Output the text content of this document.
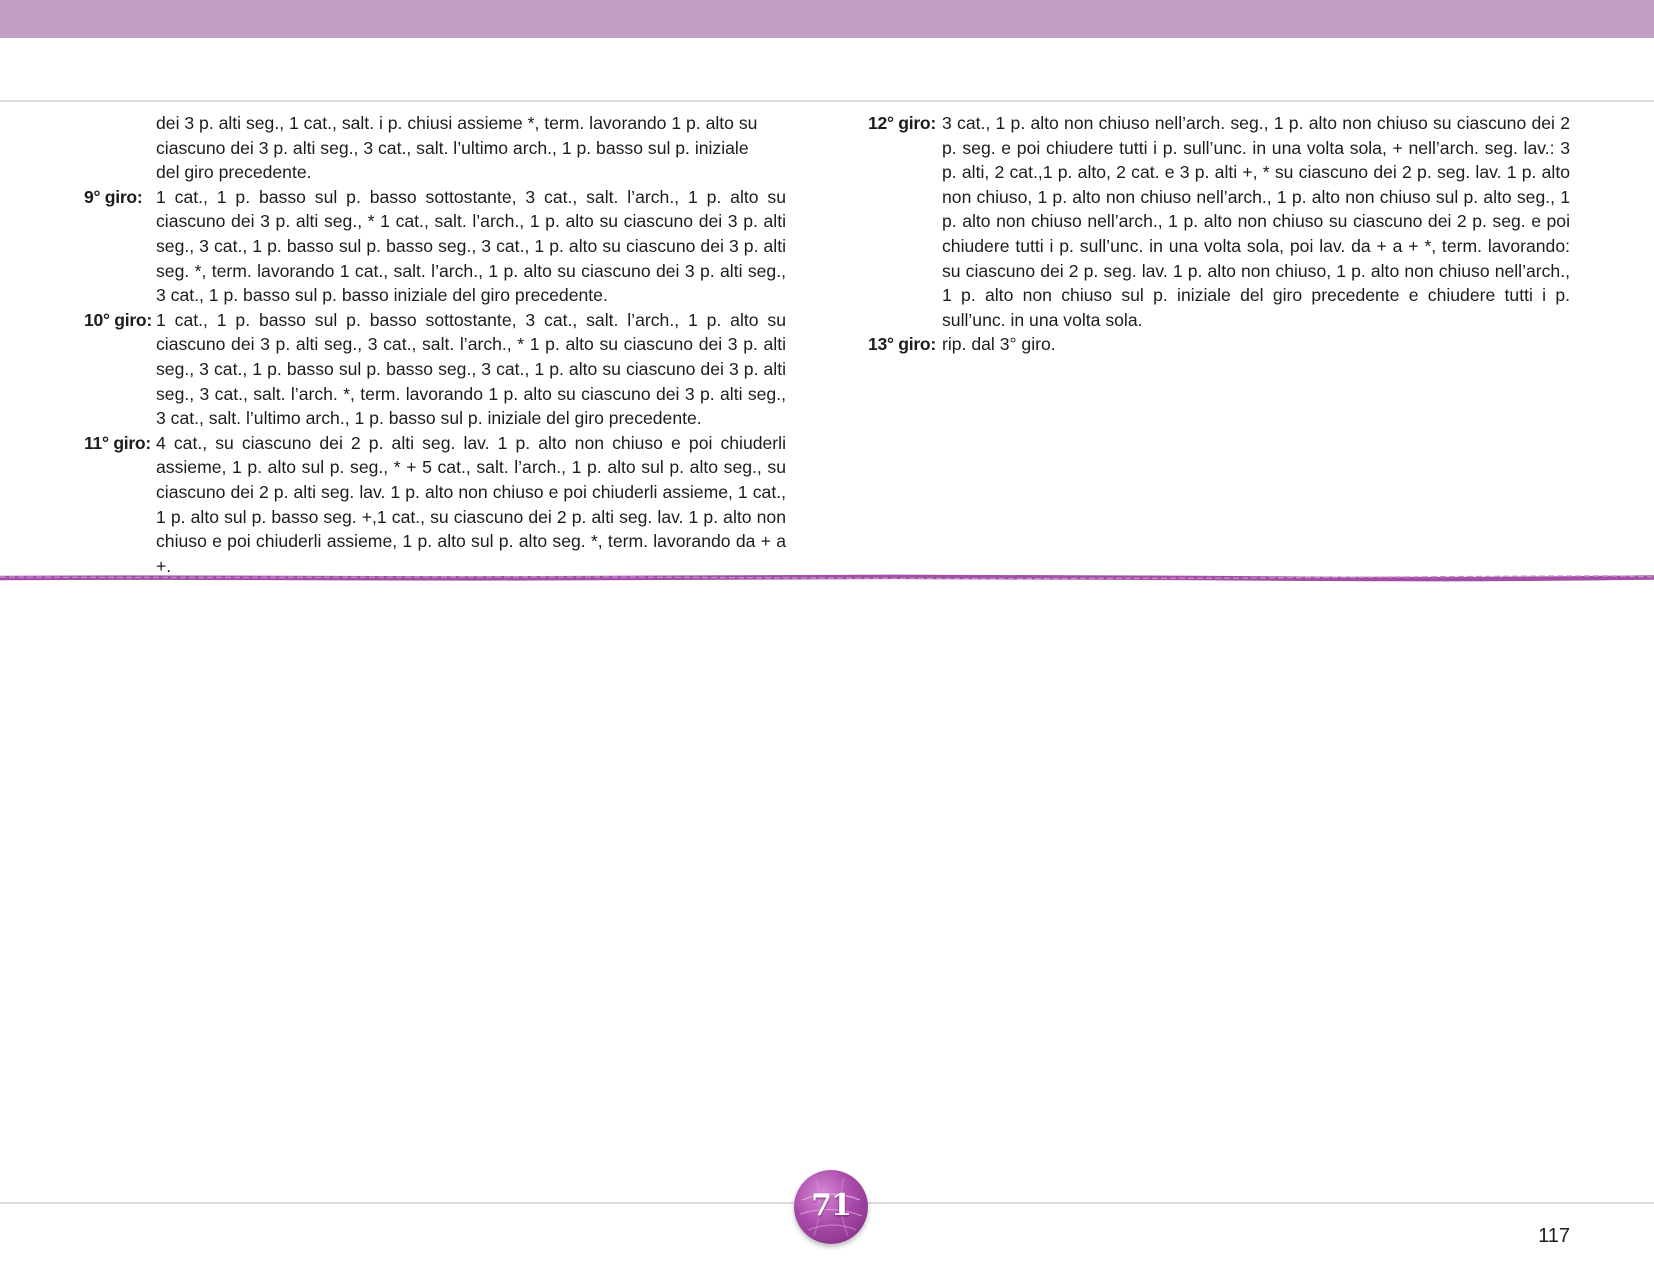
dei 3 p. alti seg., 1 cat., salt. i p. chiusi assieme *, term. lavorando 1 p. alto su
ciascuno dei 3 p. alti seg., 3 cat., salt. l’ultimo arch., 1 p. basso sul p. iniziale
del giro precedente.
9° giro: 1 cat., 1 p. basso sul p. basso sottostante, 3 cat., salt. l’arch., 1 p. alto su ciascuno dei 3 p. alti seg., * 1 cat., salt. l’arch., 1 p. alto su ciascuno dei 3 p. alti seg., 3 cat., 1 p. basso sul p. basso seg., 3 cat., 1 p. alto su ciascuno dei 3 p. alti seg. *, term. lavorando 1 cat., salt. l’arch., 1 p. alto su ciascuno dei 3 p. alti seg., 3 cat., 1 p. basso sul p. basso iniziale del giro precedente.
10° giro: 1 cat., 1 p. basso sul p. basso sottostante, 3 cat., salt. l’arch., 1 p. alto su ciascuno dei 3 p. alti seg., 3 cat., salt. l’arch., * 1 p. alto su ciascuno dei 3 p. alti seg., 3 cat., 1 p. basso sul p. basso seg., 3 cat., 1 p. alto su ciascuno dei 3 p. alti seg., 3 cat., salt. l’arch. *, term. lavorando 1 p. alto su ciascuno dei 3 p. alti seg., 3 cat., salt. l’ultimo arch., 1 p. basso sul p. iniziale del giro precedente.
11° giro: 4 cat., su ciascuno dei 2 p. alti seg. lav. 1 p. alto non chiuso e poi chiuderli assieme, 1 p. alto sul p. seg., * + 5 cat., salt. l’arch., 1 p. alto sul p. alto seg., su ciascuno dei 2 p. alti seg. lav. 1 p. alto non chiuso e poi chiuderli assieme, 1 cat., 1 p. alto sul p. basso seg. +,1 cat., su ciascuno dei 2 p. alti seg. lav. 1 p. alto non chiuso e poi chiuderli assieme, 1 p. alto sul p. alto seg. *, term. lavorando da + a +.
12° giro: 3 cat., 1 p. alto non chiuso nell’arch. seg., 1 p. alto non chiuso su ciascuno dei 2 p. seg. e poi chiudere tutti i p. sull’unc. in una volta sola, + nell’arch. seg. lav.: 3 p. alti, 2 cat.,1 p. alto, 2 cat. e 3 p. alti +, * su ciascuno dei 2 p. seg. lav. 1 p. alto non chiuso, 1 p. alto non chiuso nell’arch., 1 p. alto non chiuso sul p. alto seg., 1 p. alto non chiuso nell’arch., 1 p. alto non chiuso su ciascuno dei 2 p. seg. e poi chiudere tutti i p. sull’unc. in una volta sola, poi lav. da + a + *, term. lavorando: su ciascuno dei 2 p. seg. lav. 1 p. alto non chiuso, 1 p. alto non chiuso nell’arch., 1 p. alto non chiuso sul p. iniziale del giro precedente e chiudere tutti i p. sull’unc. in una volta sola.
13° giro: rip. dal 3° giro.
71
117
